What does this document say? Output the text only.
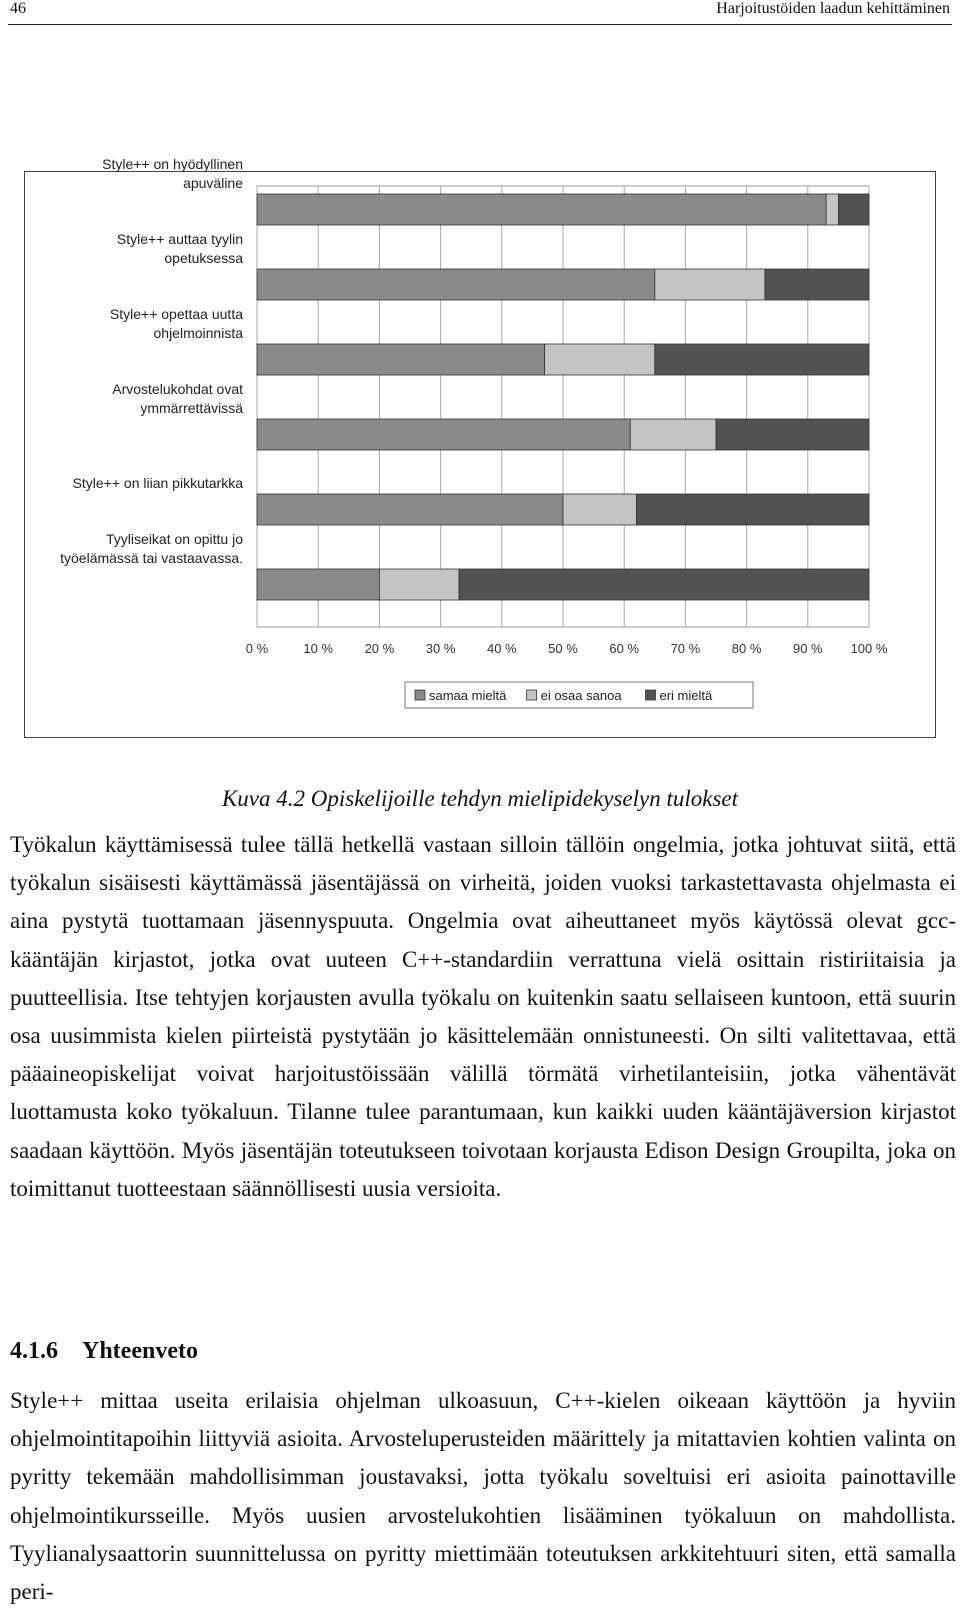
46	Harjoitustöiden laadun kehittäminen
0 %	10 % 20 % 30 % 40 % 50 % 60 % 70 % 80 % 90 % 100 %
Style++ on hyödyllinen
apuväline
Style++ auttaa tyylin
opetuksessa
Style++ opettaa uutta
ohjelmoinnista
Arvostelukohdat ovat
ymmärrettävissä
Style++ on liian pikkutarkka
Tyyliseikat on opittu jo
työelämässä tai vastaavassa.
samaa mieltä	ei osaa sanoa	eri mieltä
Kuva 4.2 Opiskelijoille tehdyn mielipidekyselyn tulokset

Työkalun käyttämisessä tulee tällä hetkellä vastaan silloin tällöin ongelmia, jotka johtuvat siitä, että työkalun sisäisesti käyttämässä jäsentäjässä on virheitä, joiden vuoksi tarkastettavasta ohjelmasta ei aina pystytä tuottamaan jäsennyspuuta. Ongelmia ovat aiheuttaneet myös käytössä olevat gcc-kääntäjän kirjastot, jotka ovat uuteen C++-standardiin verrattuna vielä osittain ristiriitaisia ja puutteellisia. Itse tehtyjen korjausten avulla työkalu on kuitenkin saatu sellaiseen kuntoon, että suurin osa uusimmista kielen piirteistä pystytään jo käsittelemään onnistuneesti. On silti valitettavaa, että pääaineopiskelijat voivat harjoitustöissään välillä törmätä virhetilanteisiin, jotka vähentävät luottamusta koko työkaluun. Tilanne tulee parantumaan, kun kaikki uuden kääntäjäversion kirjastot saadaan käyttöön. Myös jäsentäjän toteutukseen toivotaan korjausta Edison Design Groupilta, joka on toimittanut tuotteestaan säännöllisesti uusia versioita.

4.1.6 Yhteenveto

Style++ mittaa useita erilaisia ohjelman ulkoasuun, C++-kielen oikeaan käyttöön ja hyviin ohjelmointitapoihin liittyviä asioita. Arvosteluperusteiden määrittely ja mitattavien kohtien valinta on pyritty tekemään mahdollisimman joustavaksi, jotta työkalu soveltuisi eri asioita painottaville ohjelmointikursseille. Myös uusien arvostelukohtien lisääminen työkaluun on mahdollista. Tyylianalysaattorin suunnittelussa on pyritty miettimään toteutuksen arkkitehtuuri siten, että samalla peri-
